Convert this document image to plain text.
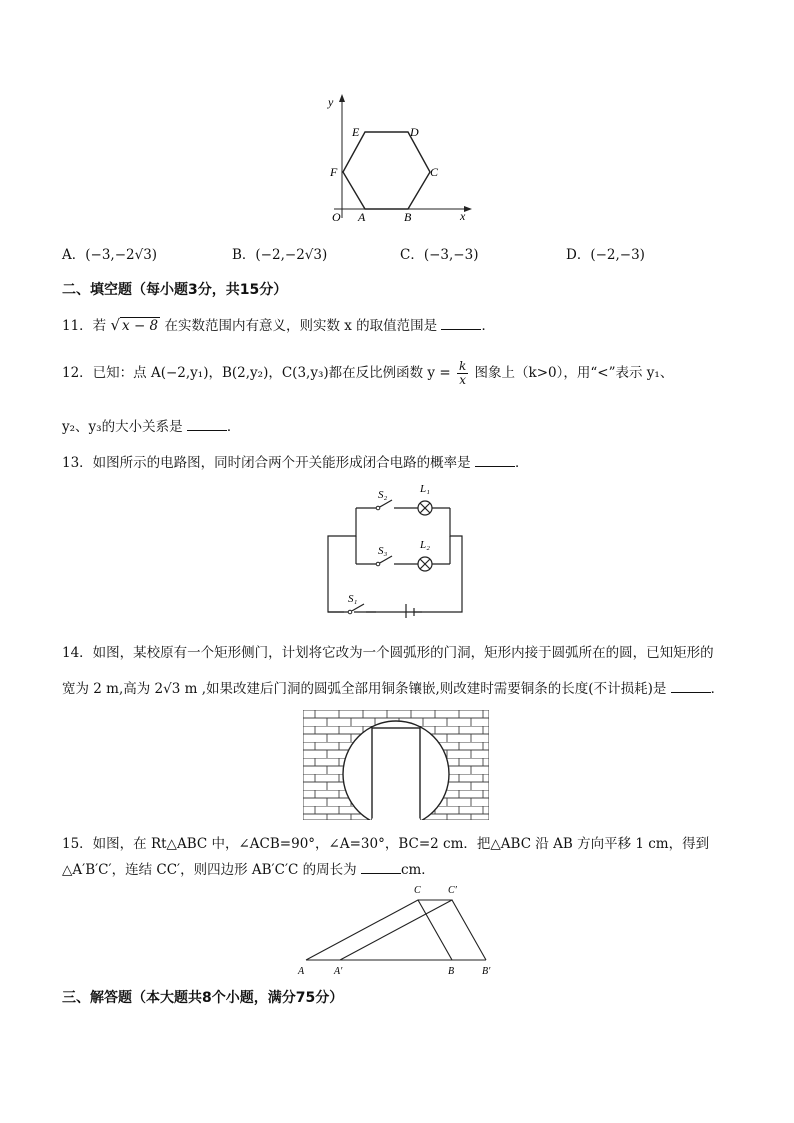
y
x
O
E	D
C
B
A
F
A．(−3,−2√3)	B．(−2,−2√3)	C．(−3,−3)	D．(−2,−3)
二、填空题（每小题3分，共15分）
11．若 √ x − 8 在实数范围内有意义，则实数 x 的取值范围是	．
12．已知：点 A(−2,y₁)，B(2,y₂)，C(3,y₃)都在反比例函数 $y = \frac{k}{x}$ 图象上（k>0），用“<”表示 y₁、
y₂、y₃的大小关系是	．
13．如图所示的电路图，同时闭合两个开关能形成闭合电路的概率是	．
S₂	L₁
S₃	L₂
S₁
14．如图，某校原有一个矩形侧门，计划将它改为一个圆弧形的门洞，矩形内接于圆弧所在的圆，已知矩形的
宽为 2 m,高为 2√3 m ,如果改建后门洞的圆弧全部用铜条镶嵌,则改建时需要铜条的长度(不计损耗)是	．
15．如图，在 Rt△ABC 中，∠ACB=90°，∠A=30°，BC=2 cm．把△ABC 沿 AB 方向平移 1 cm，得到
△A′B′C′，连结 CC′，则四边形 AB′C′C 的周长为	cm．
C	C′
A	A′	B	B′
三、解答题（本大题共8个小题，满分75分）
